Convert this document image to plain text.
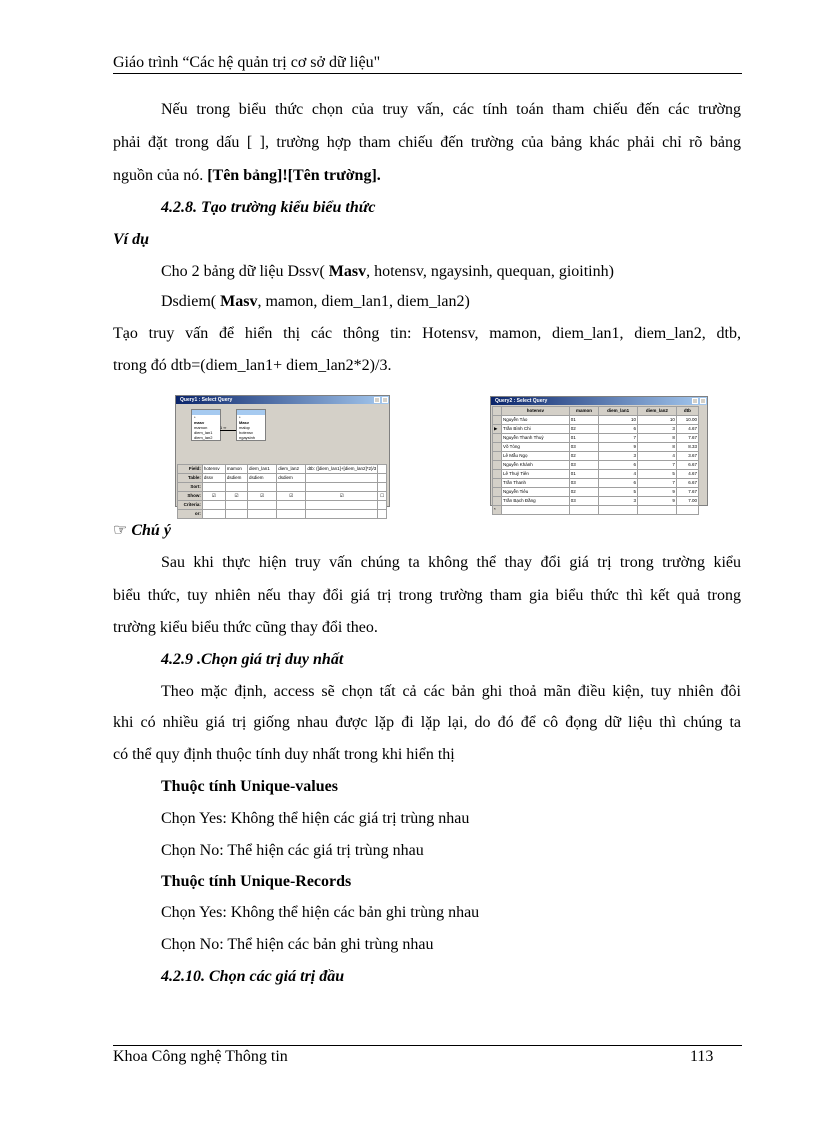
Giáo trình “Các hệ quản trị cơ sở dữ liệu"
Nếu trong biểu thức chọn của truy vấn, các tính toán tham chiếu đến các trường
phải đặt trong dấu [ ], trường hợp tham chiếu đến trường của bảng khác phải chỉ rõ bảng
nguồn của nó. [Tên bảng]![Tên trường].
4.2.8. Tạo trường kiểu biểu thức
Ví dụ
Cho 2 bảng dữ liệu Dssv( Masv, hotensv, ngaysinh, quequan, gioitinh)
Dsdiem( Masv, mamon, diem_lan1, diem_lan2)
Tạo truy vấn để hiển thị các thông tin: Hotensv, mamon, diem_lan1, diem_lan2, dtb,
trong đó dtb=(diem_lan1+ diem_lan2*2)/3.
Query1 : Select Query
*
masv
mamon
diem_lan1
diem_lan2
1 ∞
*
Masv
malop
hotensv
ngaysinh
Field:	hotensv	mamon	diem_lan1	diem_lan2	dtb: ([diem_lan1]+[diem_lan2]*2)/3	
Table:	dssv	dsdiem	dsdiem	dsdiem		
Sort:						
Show:	☑	☑	☑	☑	☑	☐
Criteria:						
or:						
Query2 : Select Query
	hotensv	mamon	diem_lan1	diem_lan2	dtb
	Nguyễn Tào	01	10	10	10.00
▶	Trần Bình Chi	02	6	3	4.67
	Nguyễn Thanh Thuỷ	01	7	8	7.67
	Võ Tòng	03	9	8	8.33
	Lê Mẫu Ngọ	02	3	4	3.67
	Nguyễn Khánh	03	6	7	6.67
	Lê Thuỷ Tiên	01	4	5	4.67
	Trần Thanh	03	6	7	6.67
	Nguyễn Tiêu	02	5	9	7.67
	Trần Bạch Đằng	03	3	9	7.00
*					
☞ Chú ý
Sau khi thực hiện truy vấn chúng ta không thể thay đổi giá trị trong trường kiểu
biểu thức, tuy nhiên nếu thay đổi giá trị trong trường tham gia biểu thức thì kết quả trong
trường kiểu biểu thức cũng thay đổi theo.
4.2.9 .Chọn giá trị duy nhất
Theo mặc định, access sẽ chọn tất cả các bản ghi thoả mãn điều kiện, tuy nhiên đôi
khi có nhiều giá trị giống nhau được lặp đi lặp lại, do đó để cô đọng dữ liệu thì chúng ta
có thể quy định thuộc tính duy nhất trong khi hiển thị
Thuộc tính Unique-values
Chọn Yes: Không thể hiện các giá trị trùng nhau
Chọn No: Thể hiện các giá trị trùng nhau
Thuộc tính Unique-Records
Chọn Yes: Không thể hiện các bản ghi trùng nhau
Chọn No: Thể hiện các bản ghi trùng nhau
4.2.10. Chọn các giá trị đầu
Khoa Công nghệ Thông tin	113
